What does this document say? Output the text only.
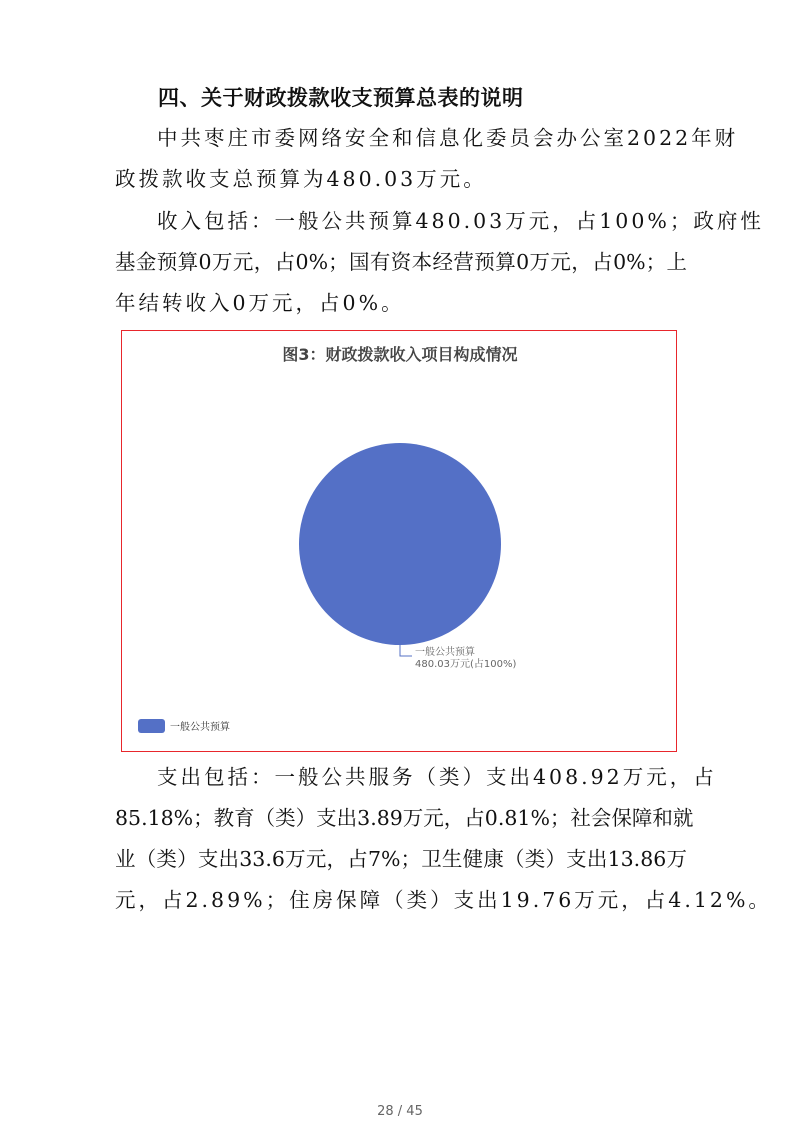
四、关于财政拨款收支预算总表的说明
中共枣庄市委网络安全和信息化委员会办公室2022年财
政拨款收支总预算为480.03万元。
收入包括：一般公共预算480.03万元，占100%；政府性
基金预算0万元，占0%；国有资本经营预算0万元，占0%；上
年结转收入0万元，占0%。
图3：财政拨款收入项目构成情况
一般公共预算
480.03万元(占100%)
一般公共预算
支出包括：一般公共服务（类）支出408.92万元，占
85.18%；教育（类）支出3.89万元，占0.81%；社会保障和就
业（类）支出33.6万元，占7%；卫生健康（类）支出13.86万
元，占2.89%；住房保障（类）支出19.76万元，占4.12%。
28 / 45
